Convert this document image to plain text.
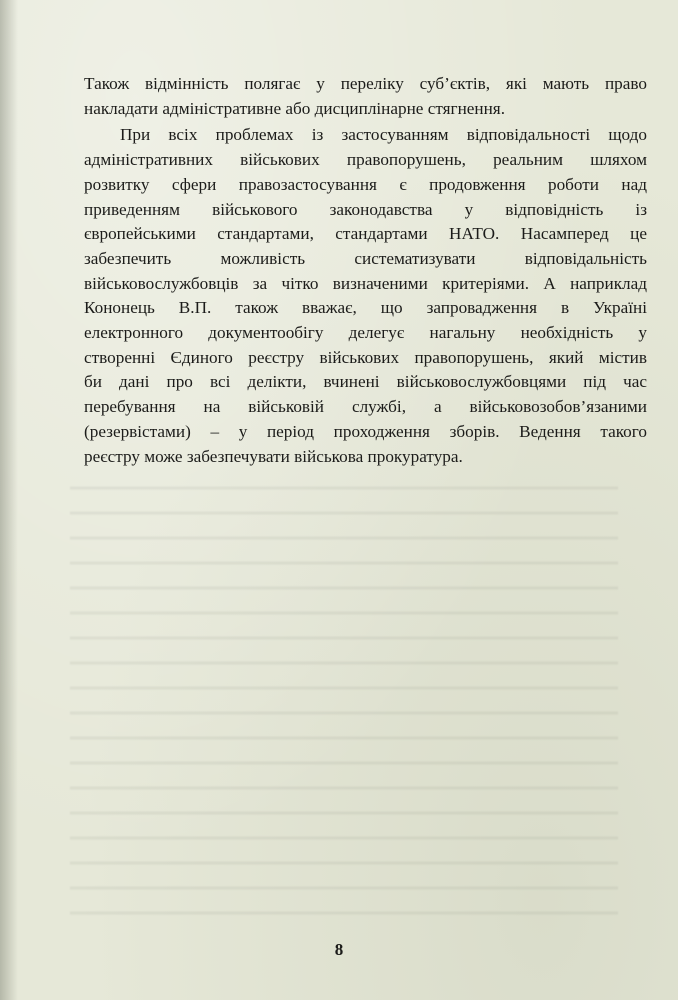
Також відмінність полягає у переліку суб’єктів, які мають право
накладати адміністративне або дисциплінарне стягнення.

При всіх проблемах із застосуванням відповідальності щодо
адміністративних військових правопорушень, реальним шляхом
розвитку сфери правозастосування є продовження роботи над
приведенням військового законодавства у відповідність із
європейськими стандартами, стандартами НАТО. Насамперед це
забезпечить можливість систематизувати відповідальність
військовослужбовців за чітко визначеними критеріями. А наприклад
Кононець В.П. також вважає, що запровадження в Україні
електронного документообігу делегує нагальну необхідність у
створенні Єдиного реєстру військових правопорушень, який містив
би дані про всі делікти, вчинені військовослужбовцями під час
перебування на військовій службі, а військовозобов’язаними
(резервістами) – у період проходження зборів. Ведення такого
реєстру може забезпечувати військова прокуратура.

8
